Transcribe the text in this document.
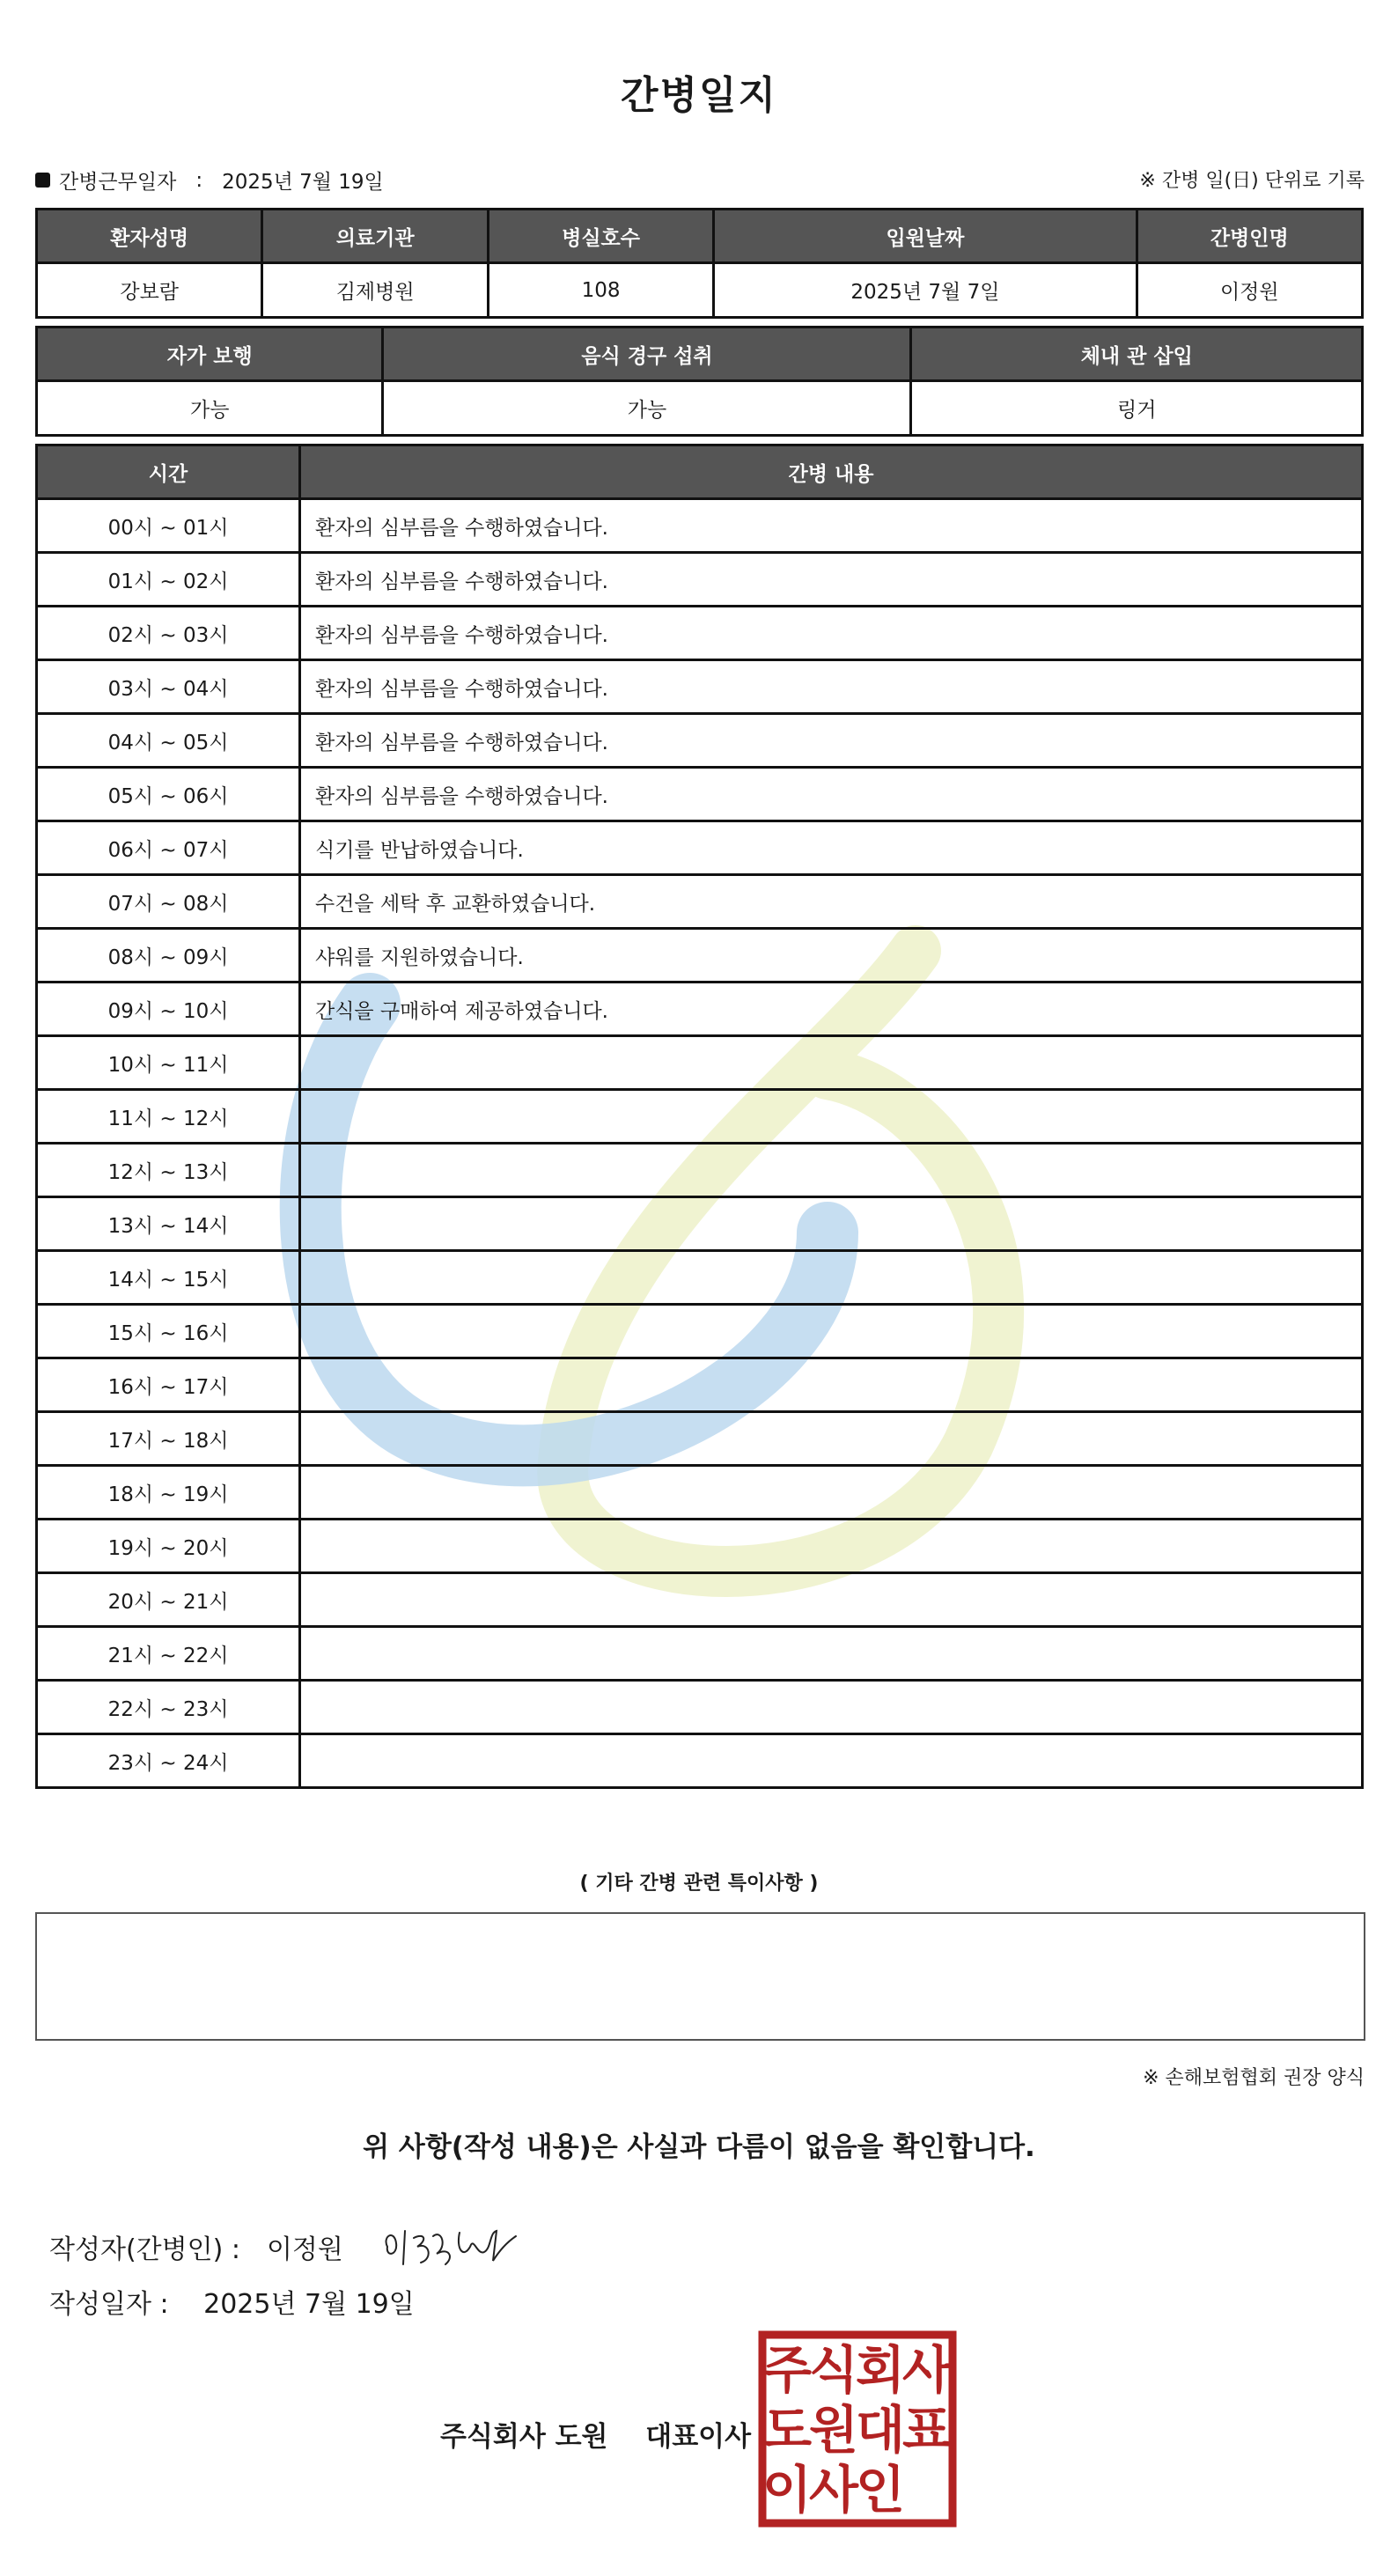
간병일지
간병근무일자 : 2025년 7월 19일	※ 간병 일(日) 단위로 기록
환자성명	의료기관	병실호수	입원날짜	간병인명
강보람	김제병원	108	2025년 7월 7일	이정원
자가 보행	음식 경구 섭취	체내 관 삽입
가능	가능	링거
시간	간병 내용
00시 ~ 01시	환자의 심부름을 수행하였습니다.
01시 ~ 02시	환자의 심부름을 수행하였습니다.
02시 ~ 03시	환자의 심부름을 수행하였습니다.
03시 ~ 04시	환자의 심부름을 수행하였습니다.
04시 ~ 05시	환자의 심부름을 수행하였습니다.
05시 ~ 06시	환자의 심부름을 수행하였습니다.
06시 ~ 07시	식기를 반납하였습니다.
07시 ~ 08시	수건을 세탁 후 교환하였습니다.
08시 ~ 09시	샤워를 지원하였습니다.
09시 ~ 10시	간식을 구매하여 제공하였습니다.
10시 ~ 11시	
11시 ~ 12시	
12시 ~ 13시	
13시 ~ 14시	
14시 ~ 15시	
15시 ~ 16시	
16시 ~ 17시	
17시 ~ 18시	
18시 ~ 19시	
19시 ~ 20시	
20시 ~ 21시	
21시 ~ 22시	
22시 ~ 23시	
23시 ~ 24시	
( 기타 간병 관련 특이사항 )
※ 손해보험협회 권장 양식
위 사항(작성 내용)은 사실과 다름이 없음을 확인합니다.
작성자(간병인) : 이정원
작성일자 : 2025년 7월 19일
주식회사 도원 대표이사
주
식
회
사
도
원
대
표
이
사
인
